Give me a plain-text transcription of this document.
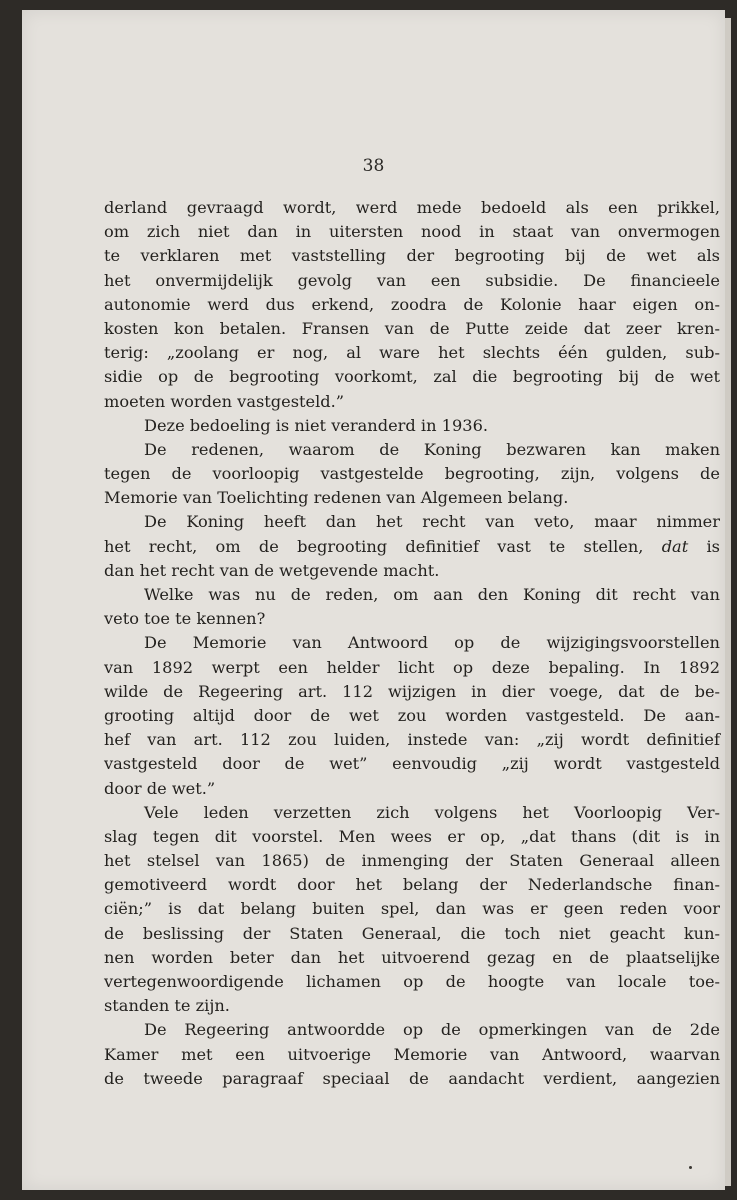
38
derland gevraagd wordt, werd mede bedoeld als een prikkel,
om zich niet dan in uitersten nood in staat van onvermogen
te verklaren met vaststelling der begrooting bij de wet als
het onvermijdelijk gevolg van een subsidie. De financieele
autonomie werd dus erkend, zoodra de Kolonie haar eigen on-
kosten kon betalen. Fransen van de Putte zeide dat zeer kren-
terig: „zoolang er nog, al ware het slechts één gulden, sub-
sidie op de begrooting voorkomt, zal die begrooting bij de wet
moeten worden vastgesteld.”
Deze bedoeling is niet veranderd in 1936.
De redenen, waarom de Koning bezwaren kan maken
tegen de voorloopig vastgestelde begrooting, zijn, volgens de
Memorie van Toelichting redenen van Algemeen belang.
De Koning heeft dan het recht van veto, maar nimmer
het recht, om de begrooting definitief vast te stellen, dat is
dan het recht van de wetgevende macht.
Welke was nu de reden, om aan den Koning dit recht van
veto toe te kennen?
De Memorie van Antwoord op de wijzigingsvoorstellen
van 1892 werpt een helder licht op deze bepaling. In 1892
wilde de Regeering art. 112 wijzigen in dier voege, dat de be-
grooting altijd door de wet zou worden vastgesteld. De aan-
hef van art. 112 zou luiden, instede van: „zij wordt definitief
vastgesteld door de wet” eenvoudig „zij wordt vastgesteld
door de wet.”
Vele leden verzetten zich volgens het Voorloopig Ver-
slag tegen dit voorstel. Men wees er op, „dat thans (dit is in
het stelsel van 1865) de inmenging der Staten Generaal alleen
gemotiveerd wordt door het belang der Nederlandsche finan-
ciën;” is dat belang buiten spel, dan was er geen reden voor
de beslissing der Staten Generaal, die toch niet geacht kun-
nen worden beter dan het uitvoerend gezag en de plaatselijke
vertegenwoordigende lichamen op de hoogte van locale toe-
standen te zijn.
De Regeering antwoordde op de opmerkingen van de 2de
Kamer met een uitvoerige Memorie van Antwoord, waarvan
de tweede paragraaf speciaal de aandacht verdient, aangezien
